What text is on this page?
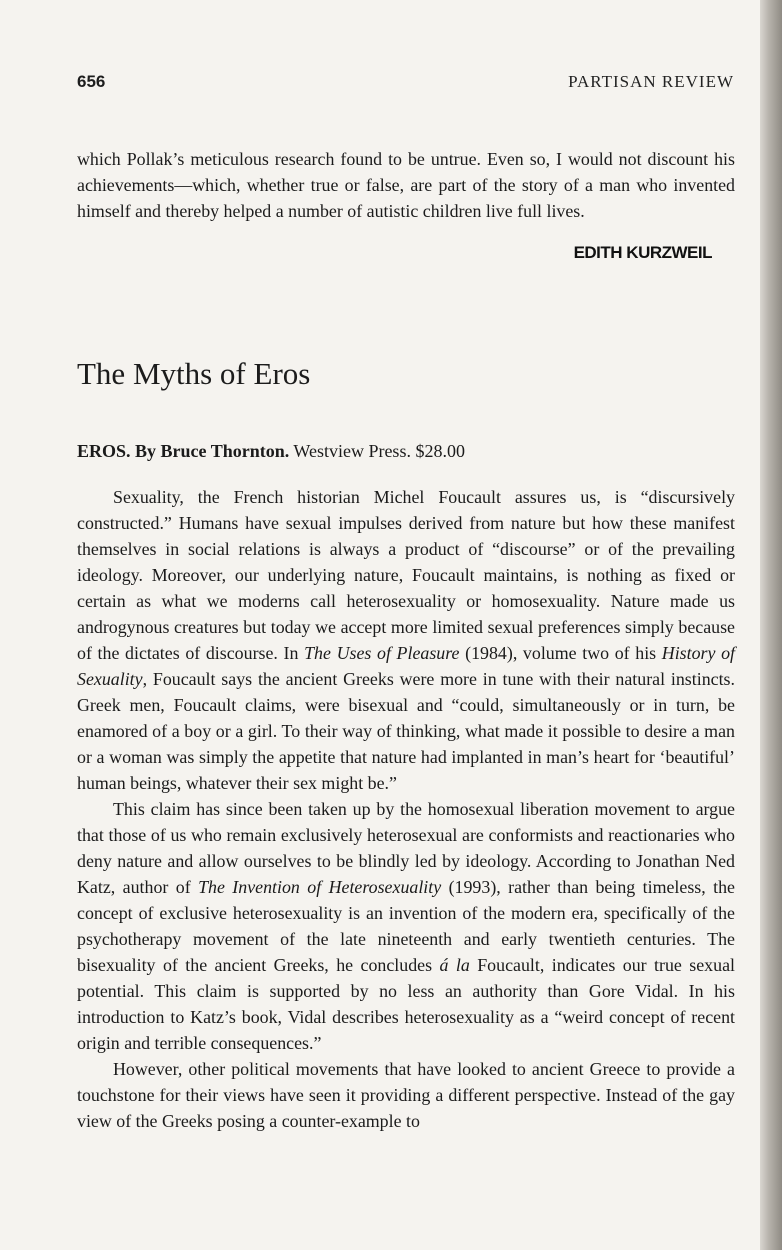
656	PARTISAN REVIEW

which Pollak’s meticulous research found to be untrue. Even so, I would not discount his achievements—which, whether true or false, are part of the story of a man who invented himself and thereby helped a number of autistic children live full lives.

EDITH KURZWEIL
The Myths of Eros
EROS. By Bruce Thornton. Westview Press. $28.00

Sexuality, the French historian Michel Foucault assures us, is “discursively constructed.” Humans have sexual impulses derived from nature but how these manifest themselves in social relations is always a product of “discourse” or of the prevailing ideology. Moreover, our underlying nature, Foucault maintains, is nothing as fixed or certain as what we moderns call heterosexuality or homosexuality. Nature made us androgynous creatures but today we accept more limited sexual preferences simply because of the dictates of discourse. In The Uses of Pleasure (1984), volume two of his History of Sexuality, Foucault says the ancient Greeks were more in tune with their natural instincts. Greek men, Foucault claims, were bisexual and “could, simultaneously or in turn, be enamored of a boy or a girl. To their way of thinking, what made it possible to desire a man or a woman was simply the appetite that nature had implanted in man’s heart for ‘beautiful’ human beings, whatever their sex might be.”

This claim has since been taken up by the homosexual liberation movement to argue that those of us who remain exclusively heterosexual are conformists and reactionaries who deny nature and allow ourselves to be blindly led by ideology. According to Jonathan Ned Katz, author of The Invention of Heterosexuality (1993), rather than being timeless, the concept of exclusive heterosexuality is an invention of the modern era, specifically of the psychotherapy movement of the late nineteenth and early twentieth centuries. The bisexuality of the ancient Greeks, he concludes á la Foucault, indicates our true sexual potential. This claim is supported by no less an authority than Gore Vidal. In his introduction to Katz’s book, Vidal describes heterosexuality as a “weird concept of recent origin and terrible consequences.”

However, other political movements that have looked to ancient Greece to provide a touchstone for their views have seen it providing a different perspective. Instead of the gay view of the Greeks posing a counter-example to
